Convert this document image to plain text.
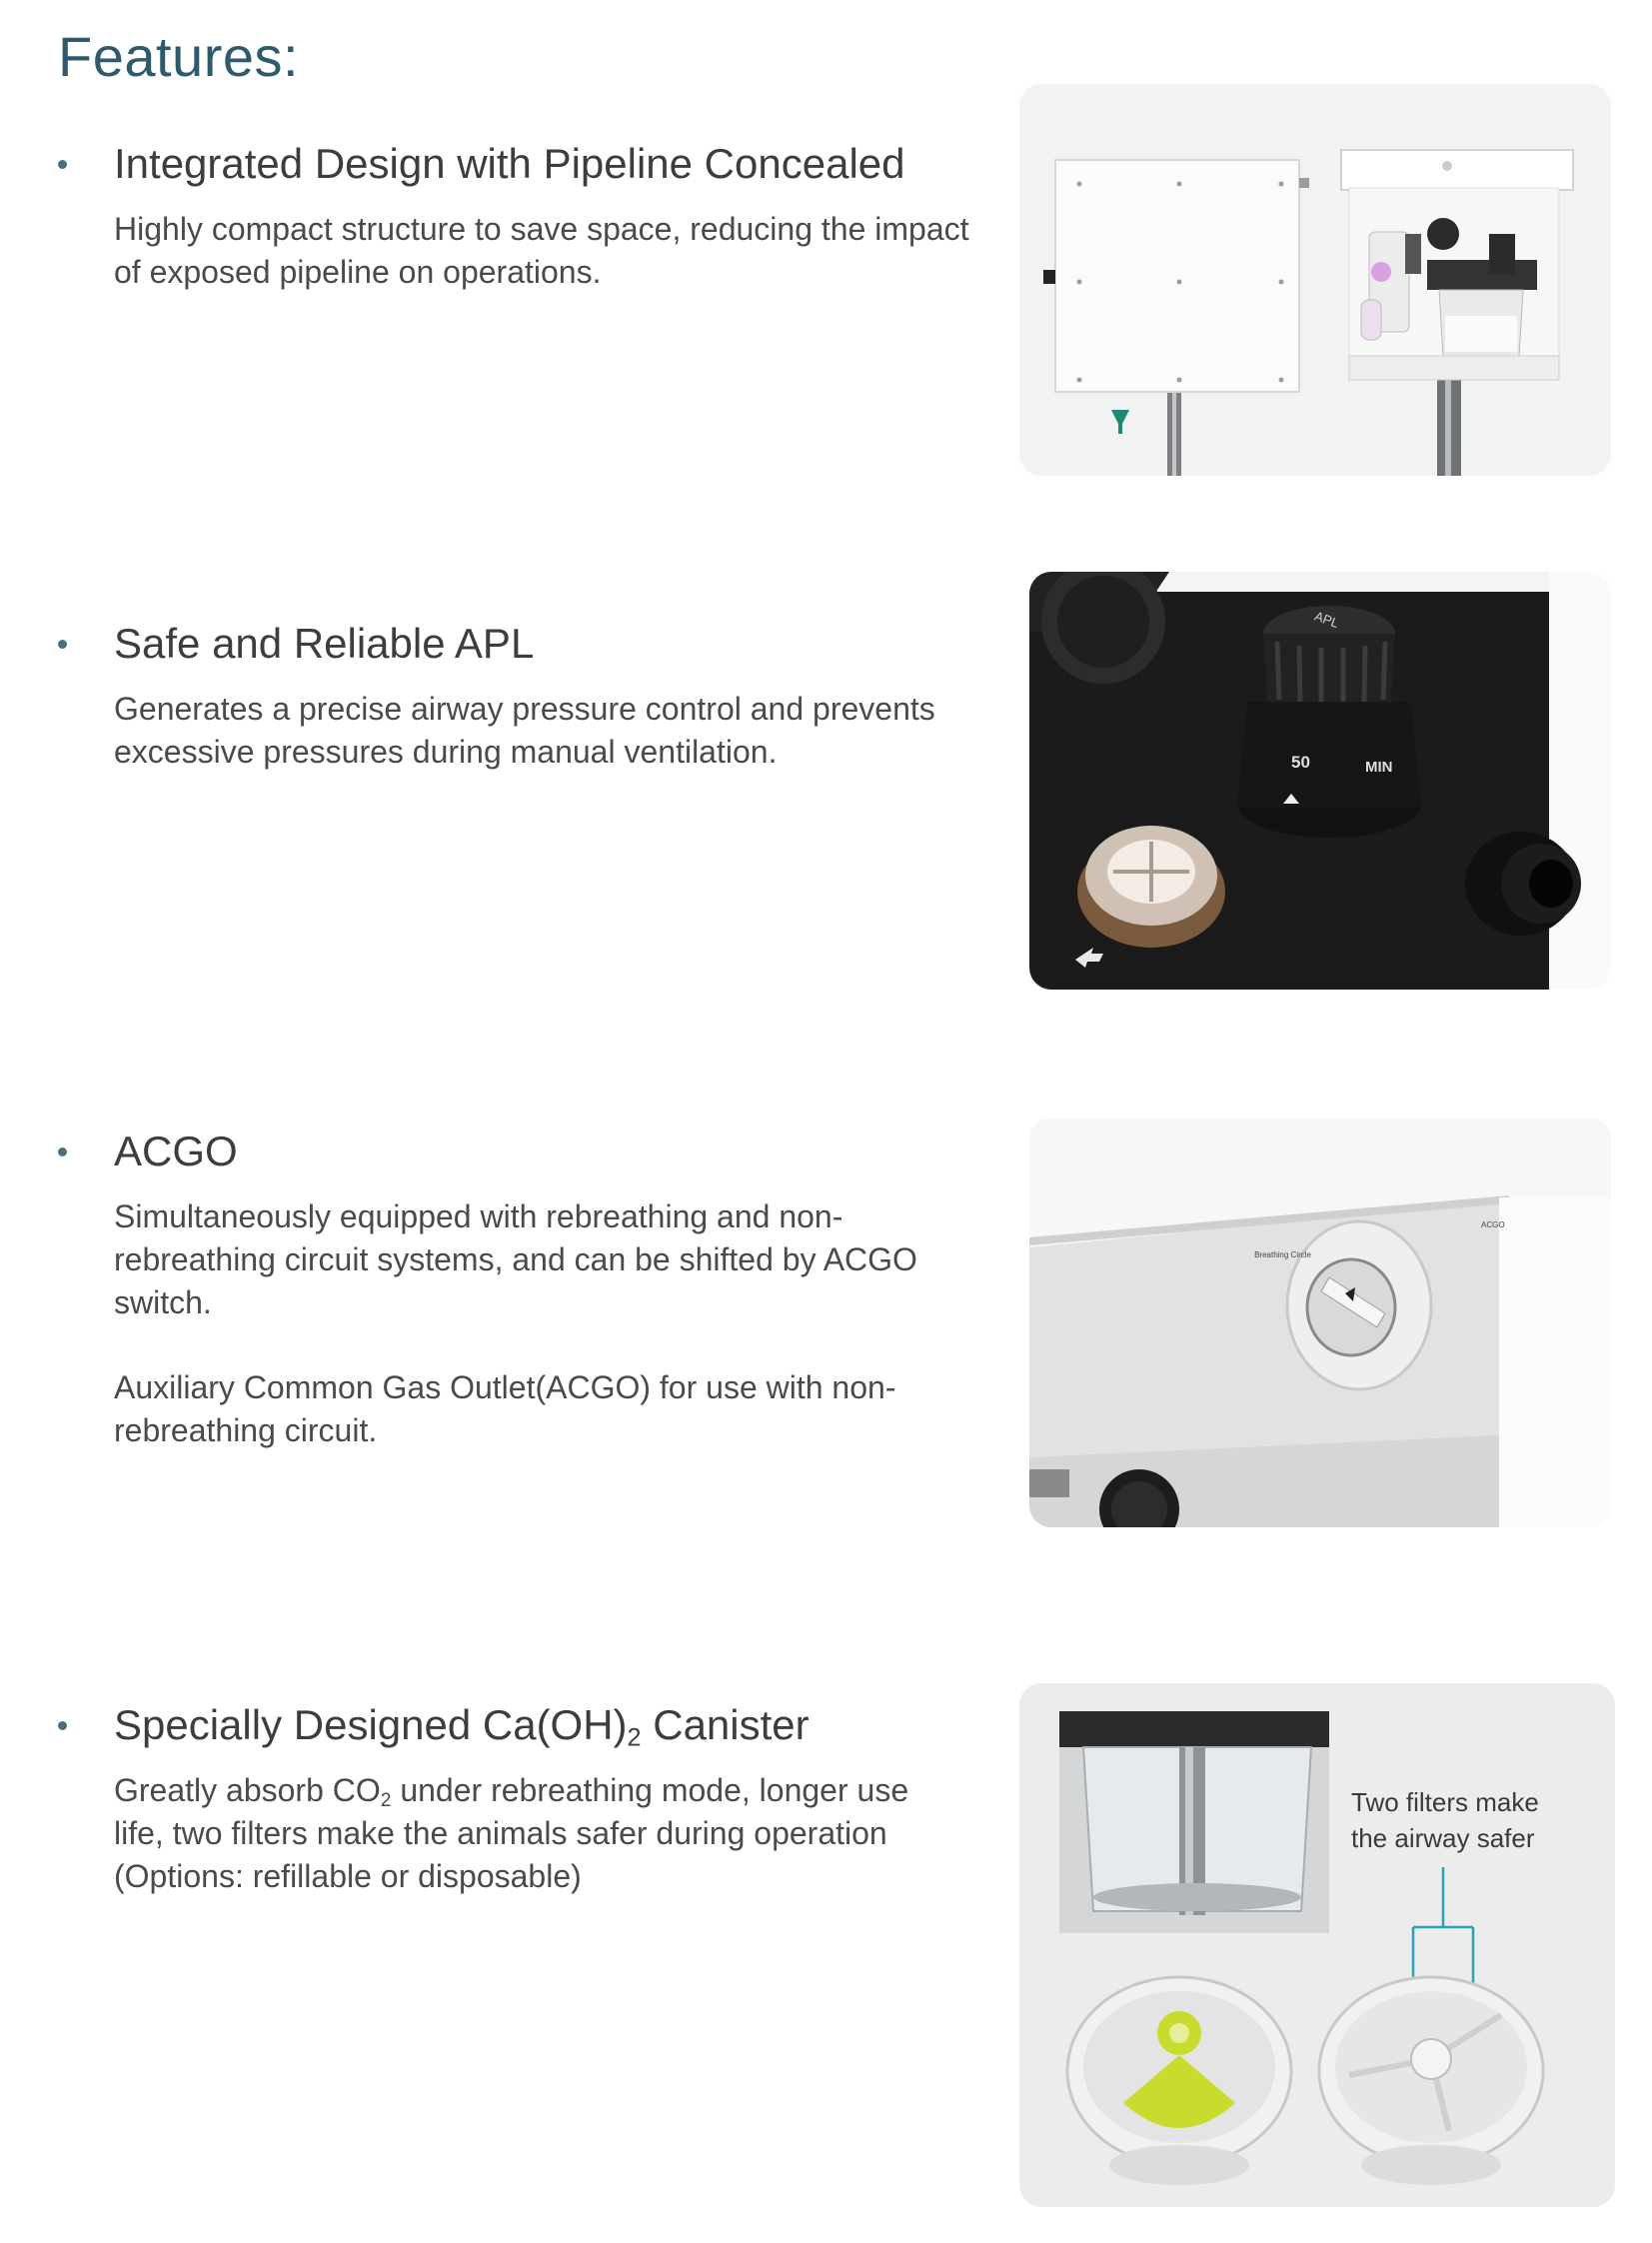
Features:
Integrated Design with Pipeline Concealed

Highly compact structure to save space, reducing the impact of exposed pipeline on operations.

Safe and Reliable APL

Generates a precise airway pressure control and prevents excessive pressures during manual ventilation.

ACGO

Simultaneously equipped with rebreathing and non-rebreathing circuit systems, and can be shifted by ACGO switch.

Auxiliary Common Gas Outlet(ACGO) for use with non-rebreathing circuit.

Specially Designed $Ca(OH)_2$ Canister

Greatly absorb $CO_2$ under rebreathing mode, longer use life, two filters make the animals safer during operation (Options: refillable or disposable)

APL
50	MIN
Breathing Circle
ACGO
Two filters make
the airway safer
